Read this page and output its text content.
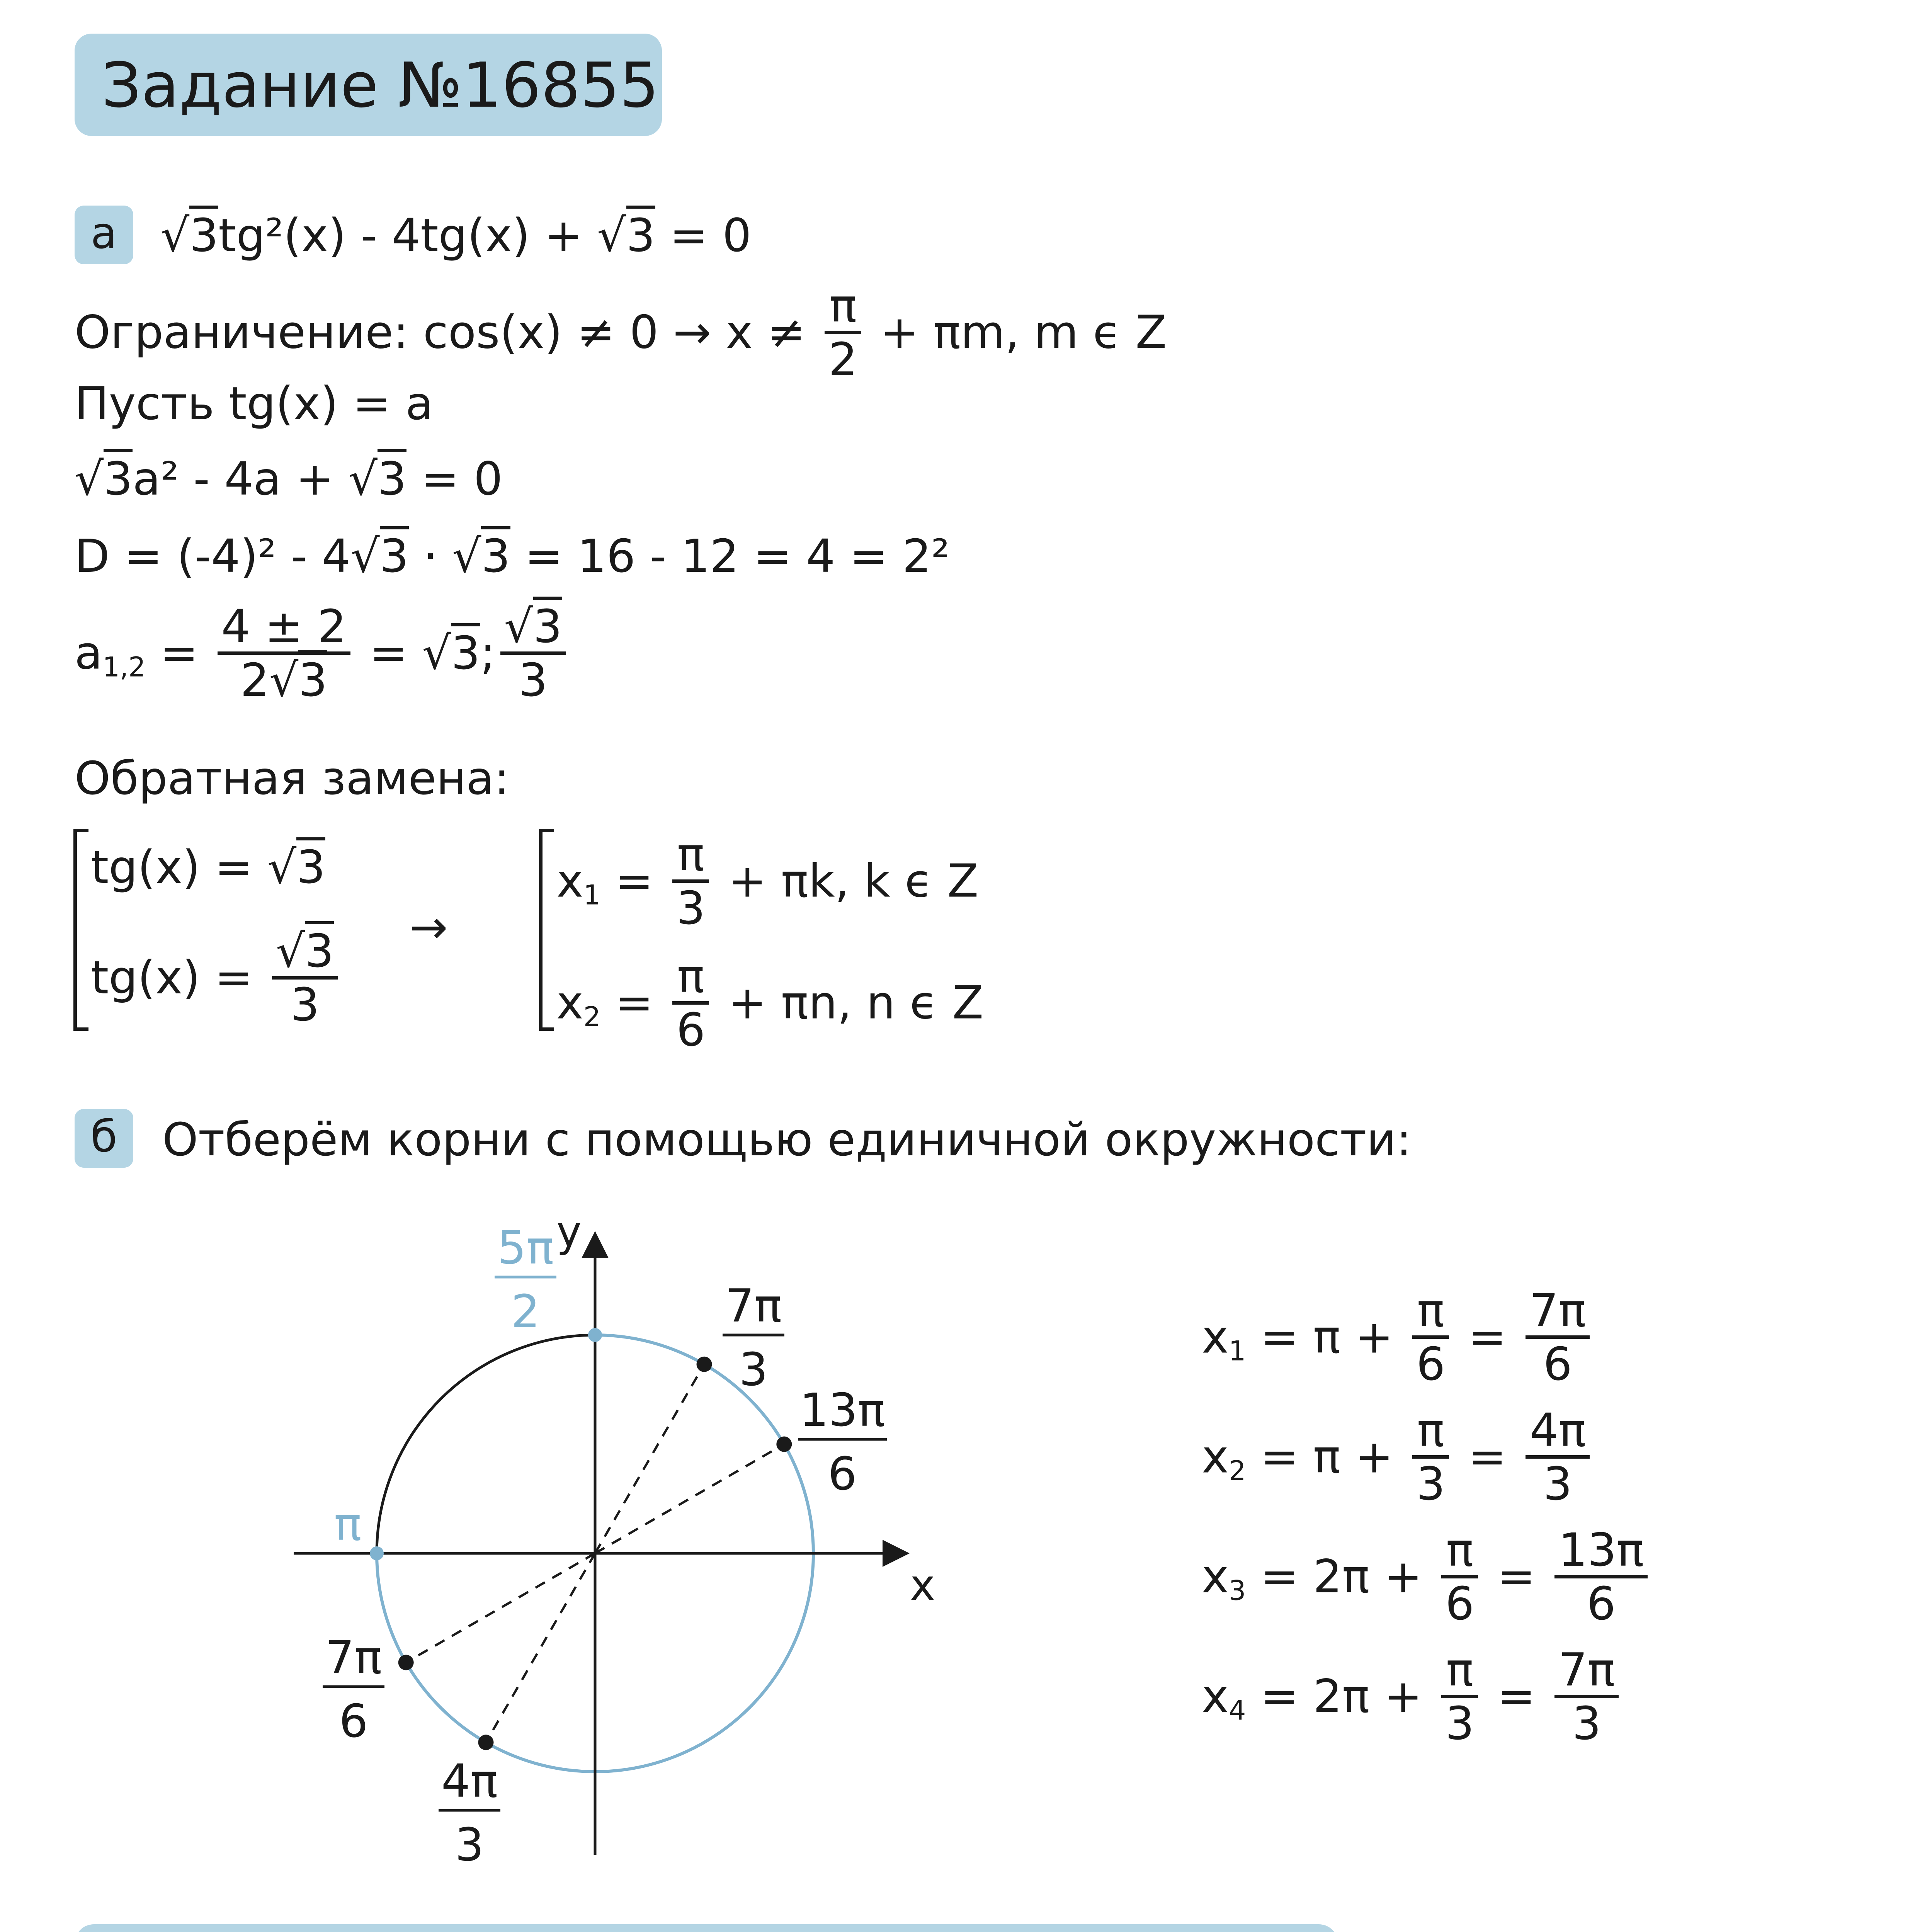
Задание №16855
а √3tg²(x) - 4tg(x) + √3 = 0
Ограничение: $\cos(x) \ne 0 \to x \ne \frac{\pi}{2} + \pi m$, m ϵ Z
Пусть tg(x) = a
√3a² - 4a + √3 = 0
D = (-4)² - 4√3 · √3 = 16 - 12 = 4 = 2²
$a_{1,2} = \frac{4 \pm 2}{2√3} = √3$; $\frac{√3}{3}$
Обратная замена:
tg(x) = √3
$tg(x) = \frac{√3}{3}$
→
$x_1 = \frac{\pi}{3} + \pi k$, k ϵ Z
$x_2 = \frac{\pi}{6} + \pi n$, n ϵ Z
б Отберём корни с помощью единичной окружности:
x
y
7π
3
13π
6
7π
6
4π
3
5π
2
π
$x_1 = \pi + \frac{\pi}{6} = \frac{7\pi}{6}$
$x_2 = \pi + \frac{\pi}{3} = \frac{4\pi}{3}$
$x_3 = 2\pi + \frac{\pi}{6} = \frac{13\pi}{6}$
$x_4 = 2\pi + \frac{\pi}{3} = \frac{7\pi}{3}$
